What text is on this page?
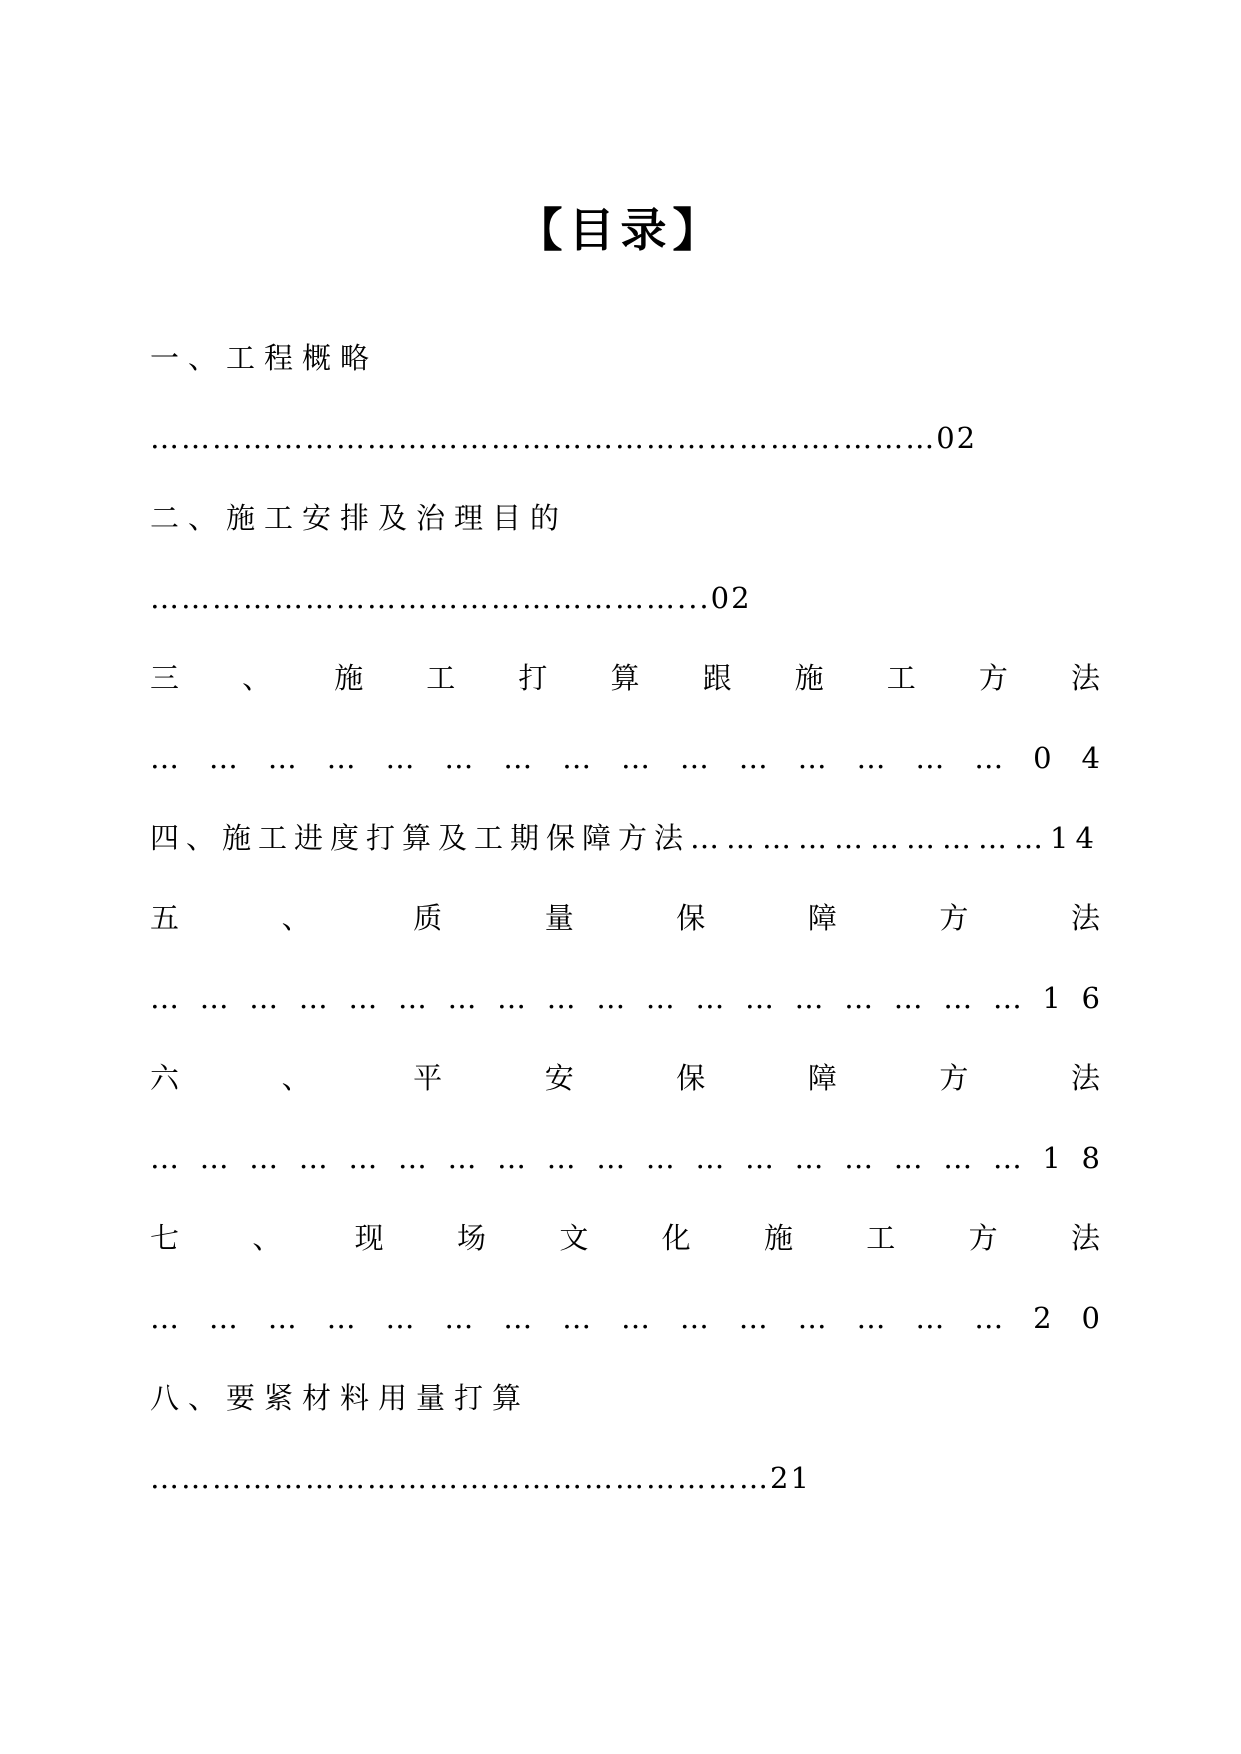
【目录】
一、工程概略
………………………………………………………….………02
二、施工安排及治理目的
……………………………………………...02
三 、 施 工 打 算 跟 施 工 方 法
… … … … … … … … … … … … … … … 0 4
四、施工进度打算及工期保障方法…………………………14
五	、	质	量	保	障	方	法
… … … … … … … … … … … … … … … … … … 1 6
六	、	平	安	保	障	方	法
… … … … … … … … … … … … … … … … … … 1 8
七	、	现	场	文	化	施	工	方	法
… … … … … … … … … … … … … … … 2 0
八、要紧材料用量打算
……………………………………………………21
